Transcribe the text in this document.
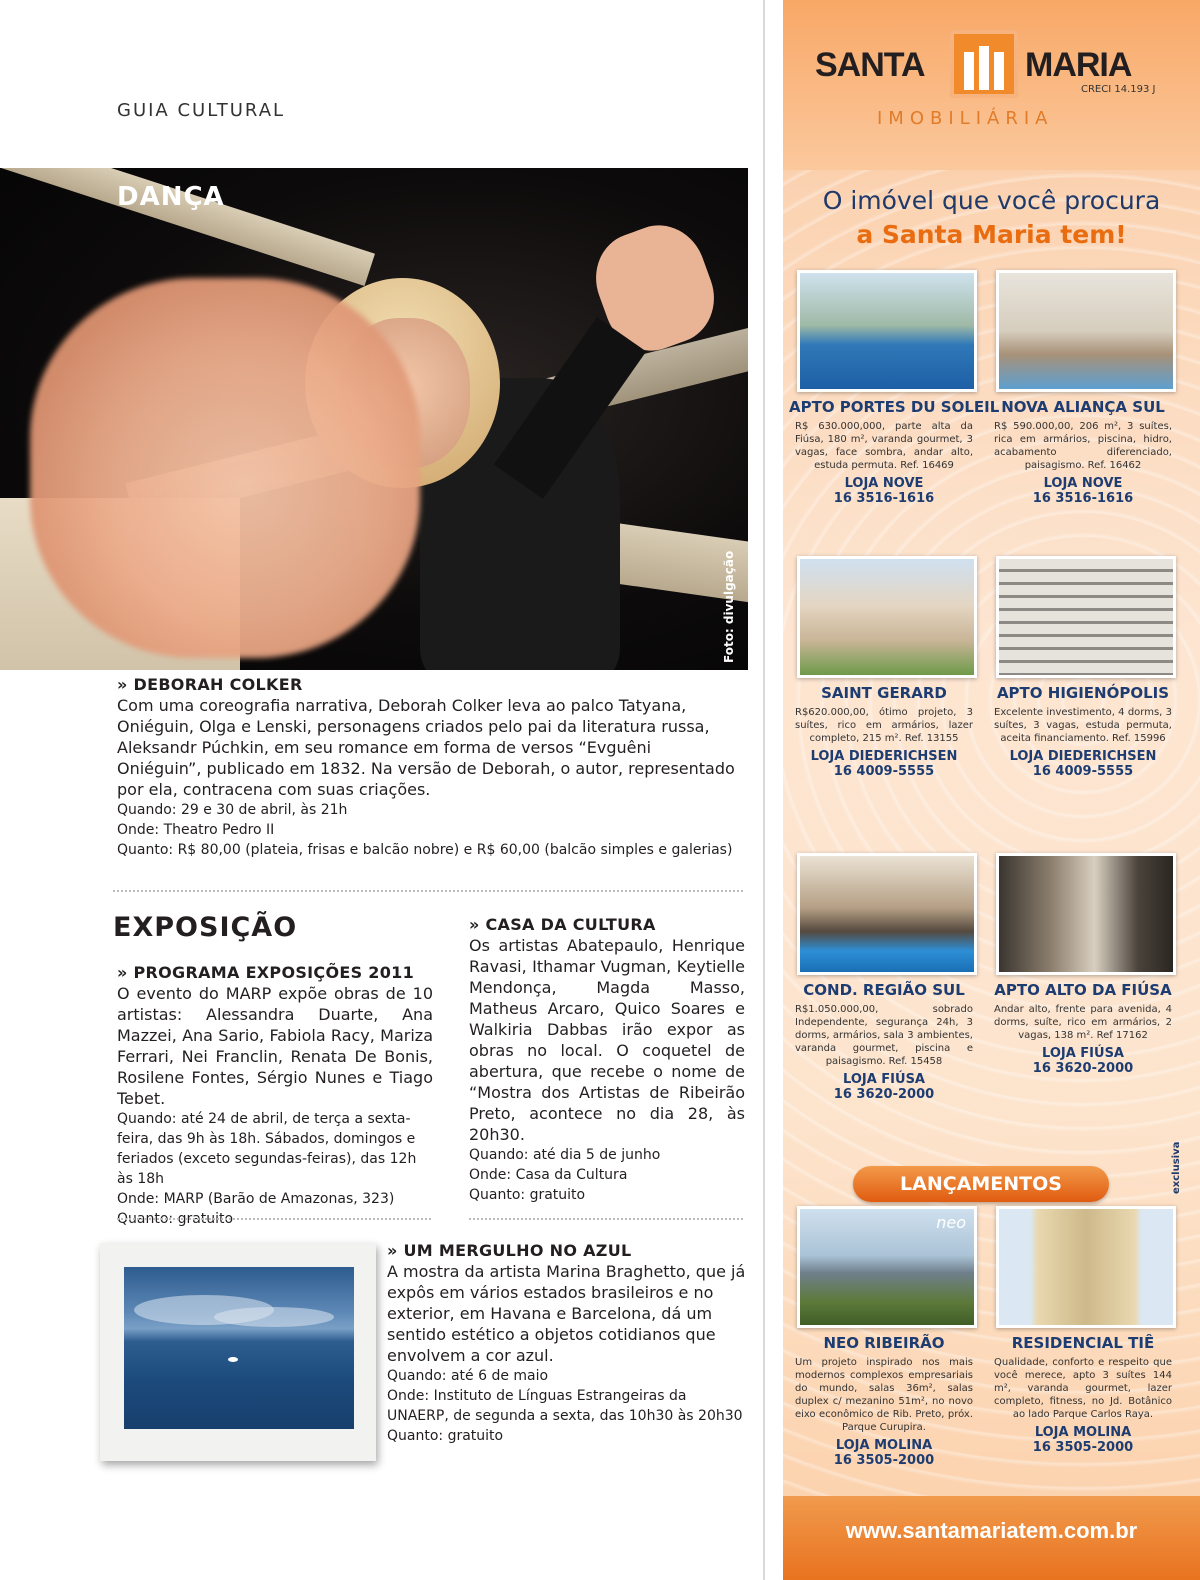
GUIA CULTURAL
DANÇA
Foto: divulgação
» DEBORAH COLKER
Com uma coreografia narrativa, Deborah Colker leva ao palco Tatyana, Oniéguin, Olga e Lenski, personagens criados pelo pai da literatura russa, Aleksandr Púchkin, em seu romance em forma de versos “Evguêni Oniéguin”, publicado em 1832. Na versão de Deborah, o autor, representado por ela, contracena com suas criações.
Quando: 29 e 30 de abril, às 21h
Onde: Theatro Pedro II
Quanto: R$ 80,00 (plateia, frisas e balcão nobre) e R$ 60,00 (balcão simples e galerias)
EXPOSIÇÃO
» PROGRAMA EXPOSIÇÕES 2011
O evento do MARP expõe obras de 10 artistas: Alessandra Duarte, Ana Mazzei, Ana Sario, Fabiola Racy, Mariza Ferrari, Nei Franclin, Renata De Bonis, Rosilene Fontes, Sérgio Nunes e Tiago Tebet.
Quando: até 24 de abril, de terça a sexta-feira, das 9h às 18h. Sábados, domingos e feriados (exceto segundas-feiras), das 12h às 18h
Onde: MARP (Barão de Amazonas, 323)
Quanto: gratuito
» CASA DA CULTURA
Os artistas Abatepaulo, Henrique Ravasi, Ithamar Vugman, Keytielle Mendonça, Magda Masso, Matheus Arcaro, Quico Soares e Walkiria Dabbas irão expor as obras no local. O coquetel de abertura, que recebe o nome de “Mostra dos Artistas de Ribeirão Preto, acontece no dia 28, às 20h30.
Quando: até dia 5 de junho
Onde: Casa da Cultura
Quanto: gratuito
» UM MERGULHO NO AZUL
A mostra da artista Marina Braghetto, que já expôs em vários estados brasileiros e no exterior, em Havana e Barcelona, dá um sentido estético a objetos cotidianos que envolvem a cor azul.
Quando: até 6 de maio
Onde: Instituto de Línguas Estrangeiras da UNAERP, de segunda a sexta, das 10h30 às 20h30
Quanto: gratuito
SANTA	MARIA
CRECI 14.193 J
IMOBILIÁRIA
O imóvel que você procura
a Santa Maria tem!
APTO PORTES DU SOLEIL
R$ 630.000,000, parte alta da Fiúsa, 180 m², varanda gourmet, 3 vagas, face sombra, andar alto, estuda permuta. Ref. 16469
LOJA NOVE
16 3516-1616
NOVA ALIANÇA SUL
R$ 590.000,00, 206 m², 3 suítes, rica em armários, piscina, hidro, acabamento diferenciado, paisagismo. Ref. 16462
LOJA NOVE
16 3516-1616
SAINT GERARD
R$620.000,00, ótimo projeto, 3 suítes, rico em armários, lazer completo, 215 m². Ref. 13155
LOJA DIEDERICHSEN
16 4009-5555
APTO HIGIENÓPOLIS
Excelente investimento, 4 dorms, 3 suítes, 3 vagas, estuda permuta, aceita financiamento. Ref. 15996
LOJA DIEDERICHSEN
16 4009-5555
COND. REGIÃO SUL
R$1.050.000,00, sobrado Independente, segurança 24h, 3 dorms, armários, sala 3 ambientes, varanda gourmet, piscina e paisagismo. Ref. 15458
LOJA FIÚSA
16 3620-2000
APTO ALTO DA FIÚSA
Andar alto, frente para avenida, 4 dorms, suíte, rico em armários, 2 vagas, 138 m². Ref 17162
LOJA FIÚSA
16 3620-2000
LANÇAMENTOS	exclusiva
neo
NEO RIBEIRÃO
Um projeto inspirado nos mais modernos complexos empresariais do mundo, salas 36m², salas duplex c/ mezanino 51m², no novo eixo econômico de Rib. Preto, próx. Parque Curupira.
LOJA MOLINA
16 3505-2000
RESIDENCIAL TIÊ
Qualidade, conforto e respeito que você merece, apto 3 suítes 144 m², varanda gourmet, lazer completo, fitness, no Jd. Botânico ao lado Parque Carlos Raya.
LOJA MOLINA
16 3505-2000
www.santamariatem.com.br
